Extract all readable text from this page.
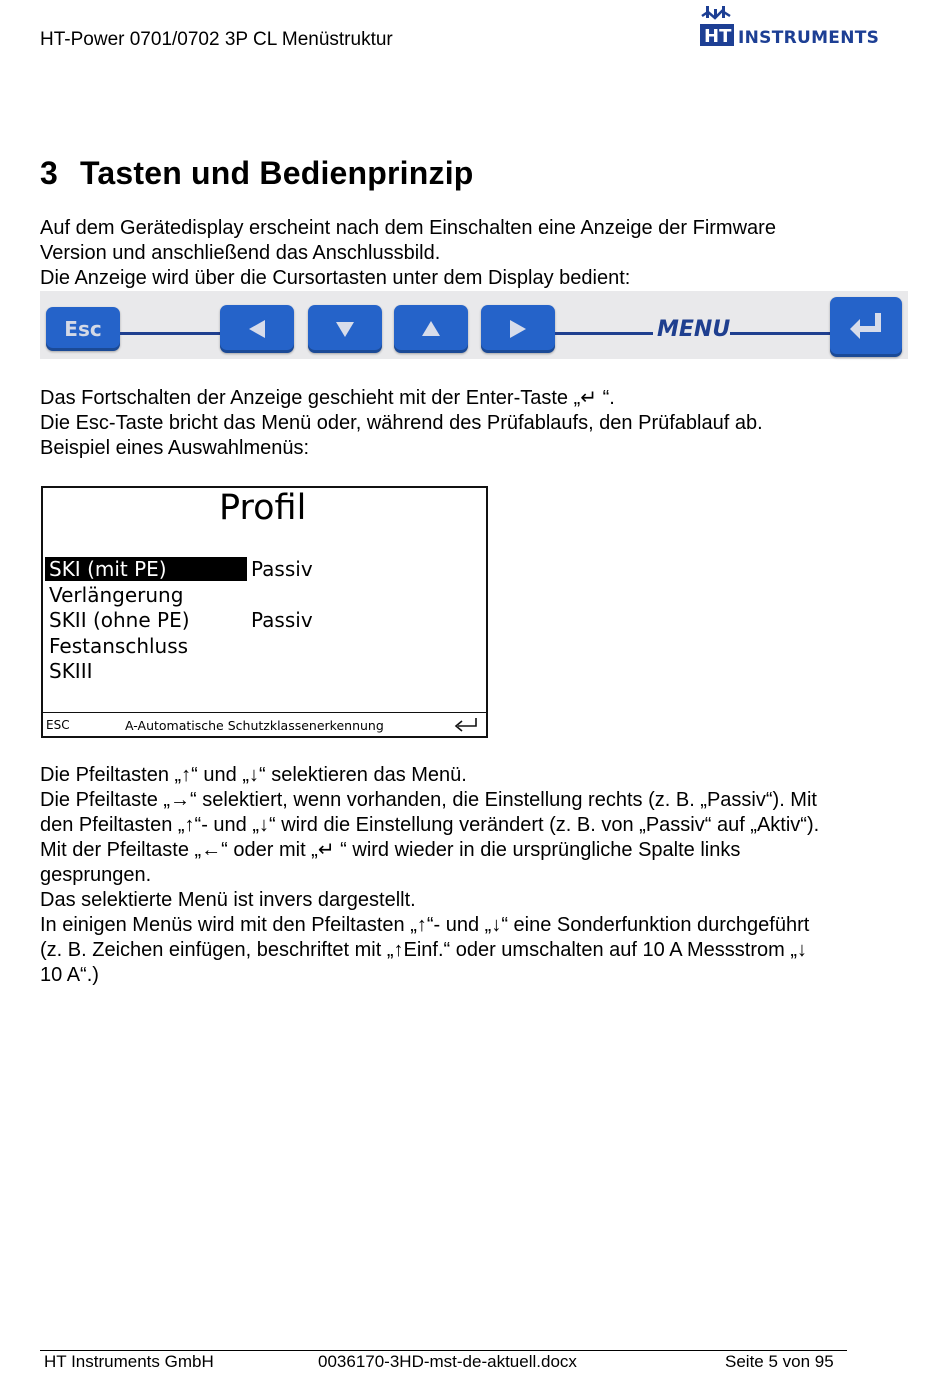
HT-Power 0701/0702 3P CL Menüstruktur	HT INSTRUMENTS
3 Tasten und Bedienprinzip
Auf dem Gerätedisplay erscheint nach dem Einschalten eine Anzeige der Firmware
Version und anschließend das Anschlussbild.
Die Anzeige wird über die Cursortasten unter dem Display bedient:
Esc	MENU
Das Fortschalten der Anzeige geschieht mit der Enter-Taste „↵ “.
Die Esc-Taste bricht das Menü oder, während des Prüfablaufs, den Prüfablauf ab.
Beispiel eines Auswahlmenüs:
Profil
SKI (mit PE)	Passiv
Verlängerung
SKII (ohne PE)	Passiv
Festanschluss
SKIII
ESC	A-Automatische Schutzklassenerkennung
Die Pfeiltasten „↑“ und „↓“ selektieren das Menü.
Die Pfeiltaste „→“ selektiert, wenn vorhanden, die Einstellung rechts (z. B. „Passiv“). Mit
den Pfeiltasten „↑“- und „↓“ wird die Einstellung verändert (z. B. von „Passiv“ auf „Aktiv“).
Mit der Pfeiltaste „←“ oder mit „↵ “ wird wieder in die ursprüngliche Spalte links
gesprungen.
Das selektierte Menü ist invers dargestellt.
In einigen Menüs wird mit den Pfeiltasten „↑“- und „↓“ eine Sonderfunktion durchgeführt
(z. B. Zeichen einfügen, beschriftet mit „↑Einf.“ oder umschalten auf 10 A Messstrom „↓
10 A“.)
HT Instruments GmbH	0036170-3HD-mst-de-aktuell.docx	Seite 5 von 95
